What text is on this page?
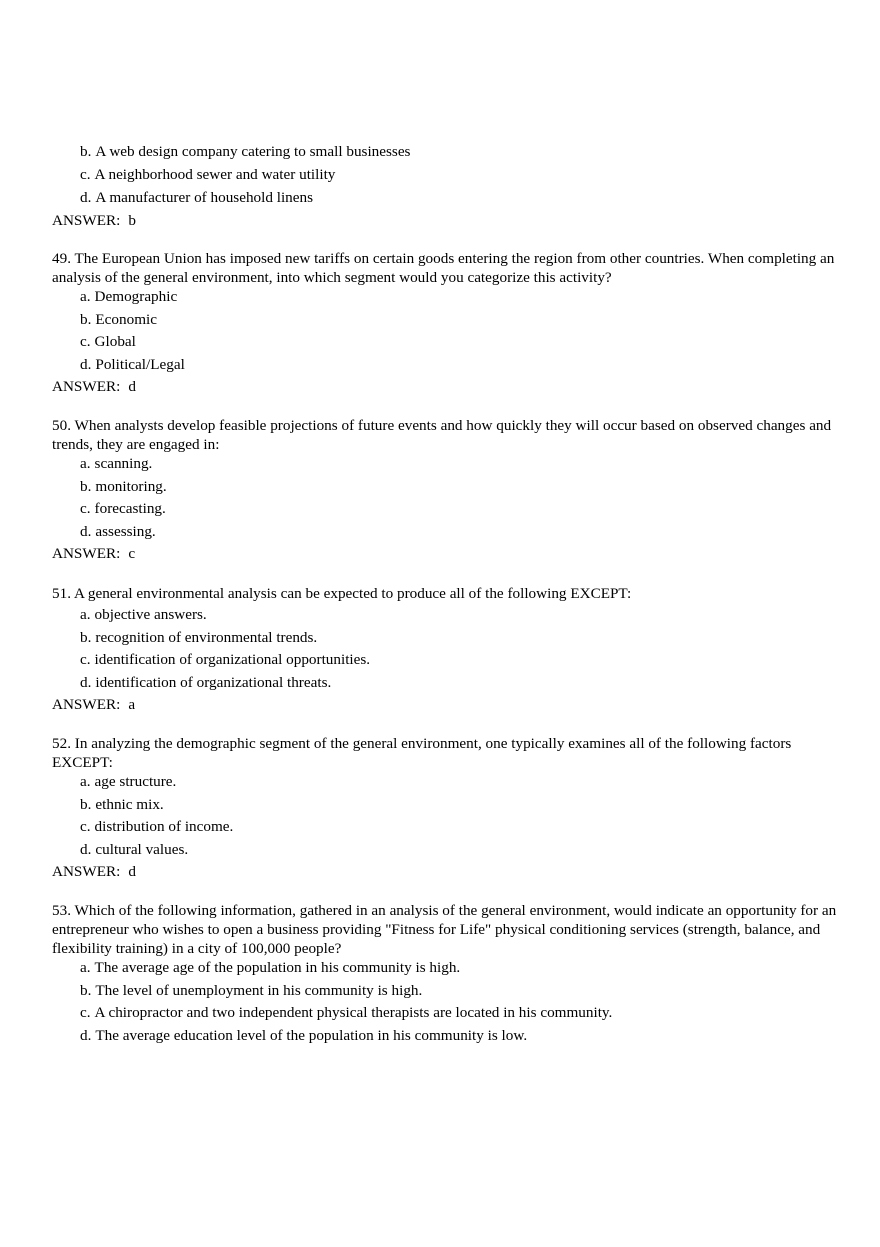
b. A web design company catering to small businesses
c. A neighborhood sewer and water utility
d. A manufacturer of household linens
ANSWER: b

49. The European Union has imposed new tariffs on certain goods entering the region from other countries. When completing an analysis of the general environment, into which segment would you categorize this activity?

a. Demographic
b. Economic
c. Global
d. Political/Legal
ANSWER: d

50. When analysts develop feasible projections of future events and how quickly they will occur based on observed changes and trends, they are engaged in:

a. scanning.
b. monitoring.
c. forecasting.
d. assessing.
ANSWER: c

51. A general environmental analysis can be expected to produce all of the following EXCEPT:

a. objective answers.
b. recognition of environmental trends.
c. identification of organizational opportunities.
d. identification of organizational threats.
ANSWER: a

52. In analyzing the demographic segment of the general environment, one typically examines all of the following factors EXCEPT:

a. age structure.
b. ethnic mix.
c. distribution of income.
d. cultural values.
ANSWER: d

53. Which of the following information, gathered in an analysis of the general environment, would indicate an opportunity for an entrepreneur who wishes to open a business providing "Fitness for Life" physical conditioning services (strength, balance, and flexibility training) in a city of 100,000 people?

a. The average age of the population in his community is high.
b. The level of unemployment in his community is high.
c. A chiropractor and two independent physical therapists are located in his community.
d. The average education level of the population in his community is low.
